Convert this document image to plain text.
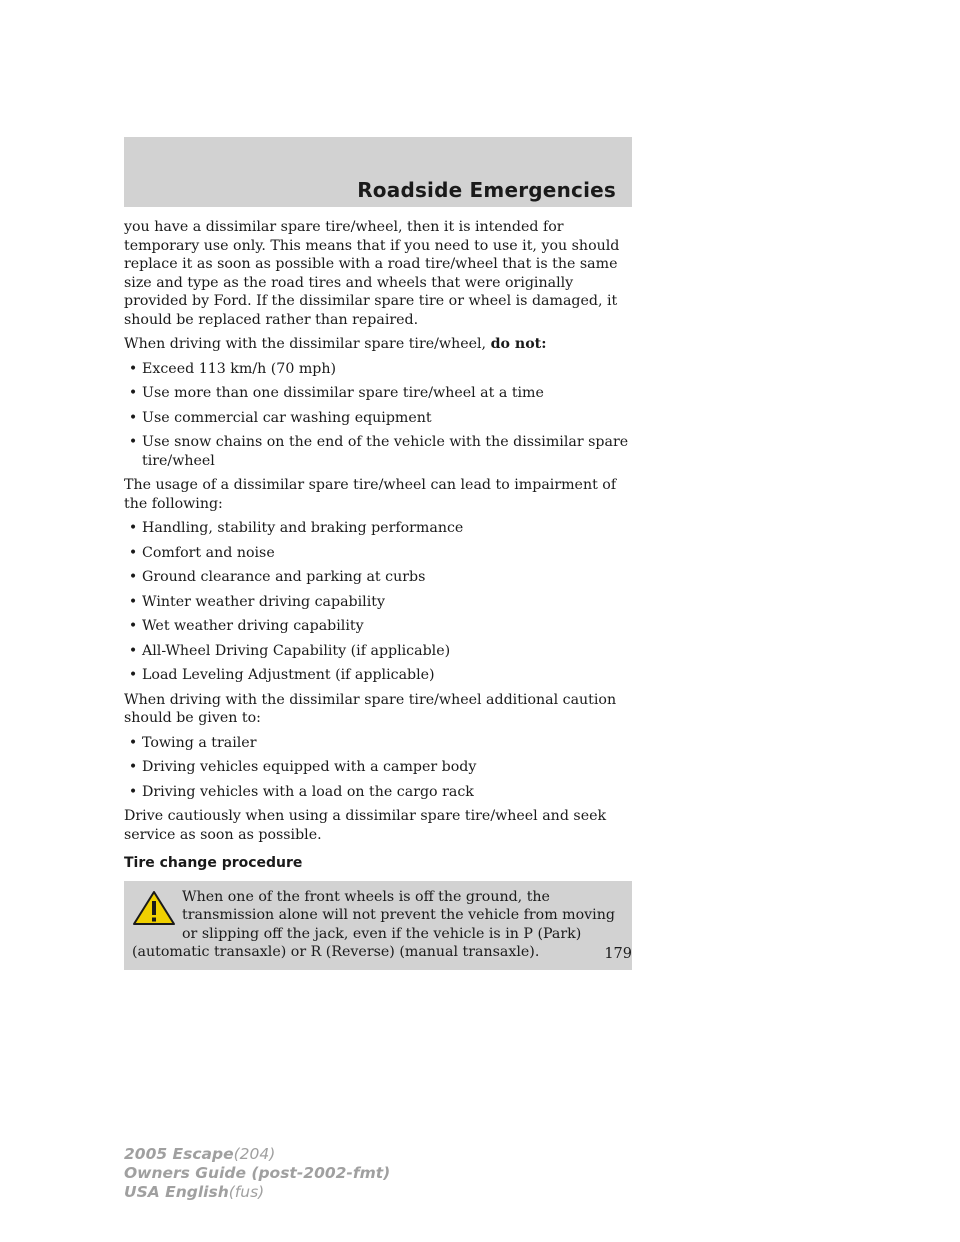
Roadside Emergencies

you have a dissimilar spare tire/wheel, then it is intended for temporary use only. This means that if you need to use it, you should replace it as soon as possible with a road tire/wheel that is the same size and type as the road tires and wheels that were originally provided by Ford. If the dissimilar spare tire or wheel is damaged, it should be replaced rather than repaired.

When driving with the dissimilar spare tire/wheel, do not:

• Exceed 113 km/h (70 mph)
• Use more than one dissimilar spare tire/wheel at a time
• Use commercial car washing equipment
• Use snow chains on the end of the vehicle with the dissimilar spare tire/wheel

The usage of a dissimilar spare tire/wheel can lead to impairment of the following:

• Handling, stability and braking performance
• Comfort and noise
• Ground clearance and parking at curbs
• Winter weather driving capability
• Wet weather driving capability
• All-Wheel Driving Capability (if applicable)
• Load Leveling Adjustment (if applicable)

When driving with the dissimilar spare tire/wheel additional caution should be given to:

• Towing a trailer
• Driving vehicles equipped with a camper body
• Driving vehicles with a load on the cargo rack

Drive cautiously when using a dissimilar spare tire/wheel and seek service as soon as possible.

Tire change procedure
When one of the front wheels is off the ground, the transmission alone will not prevent the vehicle from moving or slipping off the jack, even if the vehicle is in P (Park) (automatic transaxle) or R (Reverse) (manual transaxle).	179
2005 Escape(204)
Owners Guide (post-2002-fmt)
USA English(fus)
